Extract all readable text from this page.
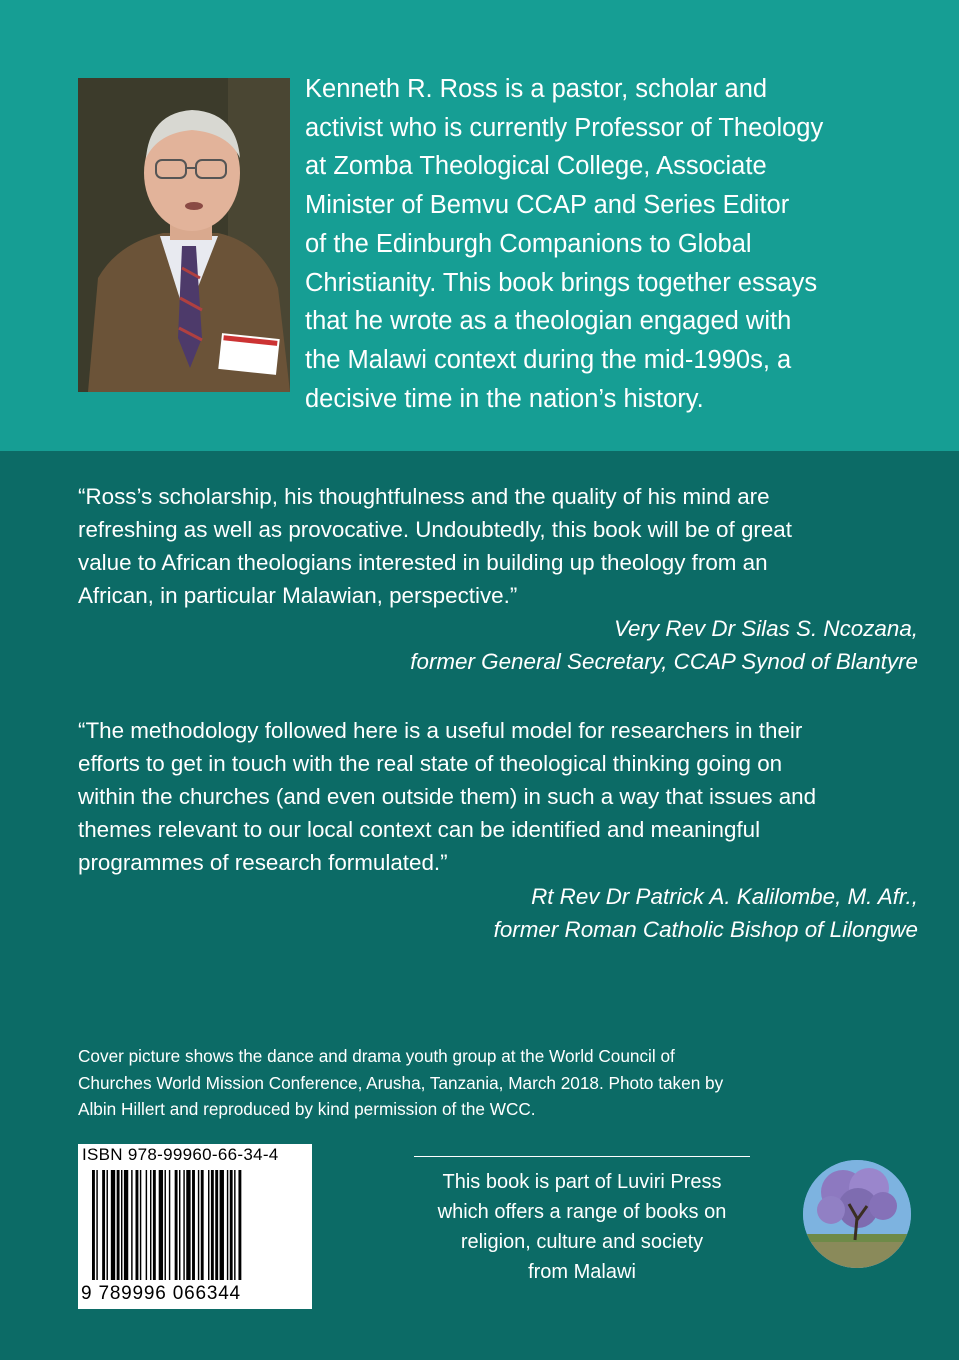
Kenneth R. Ross is a pastor, scholar and
activist who is currently Professor of Theology
at Zomba Theological College, Associate
Minister of Bemvu CCAP and Series Editor
of the Edinburgh Companions to Global
Christianity. This book brings together essays
that he wrote as a theologian engaged with
the Malawi context during the mid-1990s, a
decisive time in the nation’s history.

“Ross’s scholarship, his thoughtfulness and the quality of his mind are
refreshing as well as provocative. Undoubtedly, this book will be of great
value to African theologians interested in building up theology from an
African, in particular Malawian, perspective.”

Very Rev Dr Silas S. Ncozana,
former General Secretary, CCAP Synod of Blantyre

“The methodology followed here is a useful model for researchers in their
efforts to get in touch with the real state of theological thinking going on
within the churches (and even outside them) in such a way that issues and
themes relevant to our local context can be identified and meaningful
programmes of research formulated.”

Rt Rev Dr Patrick A. Kalilombe, M. Afr.,
former Roman Catholic Bishop of Lilongwe

Cover picture shows the dance and drama youth group at the World Council of
Churches World Mission Conference, Arusha, Tanzania, March 2018. Photo taken by
Albin Hillert and reproduced by kind permission of the WCC.

ISBN 978-99960-66-34-4
9 789996 066344

This book is part of Luviri Press
which offers a range of books on
religion, culture and society
from Malawi
